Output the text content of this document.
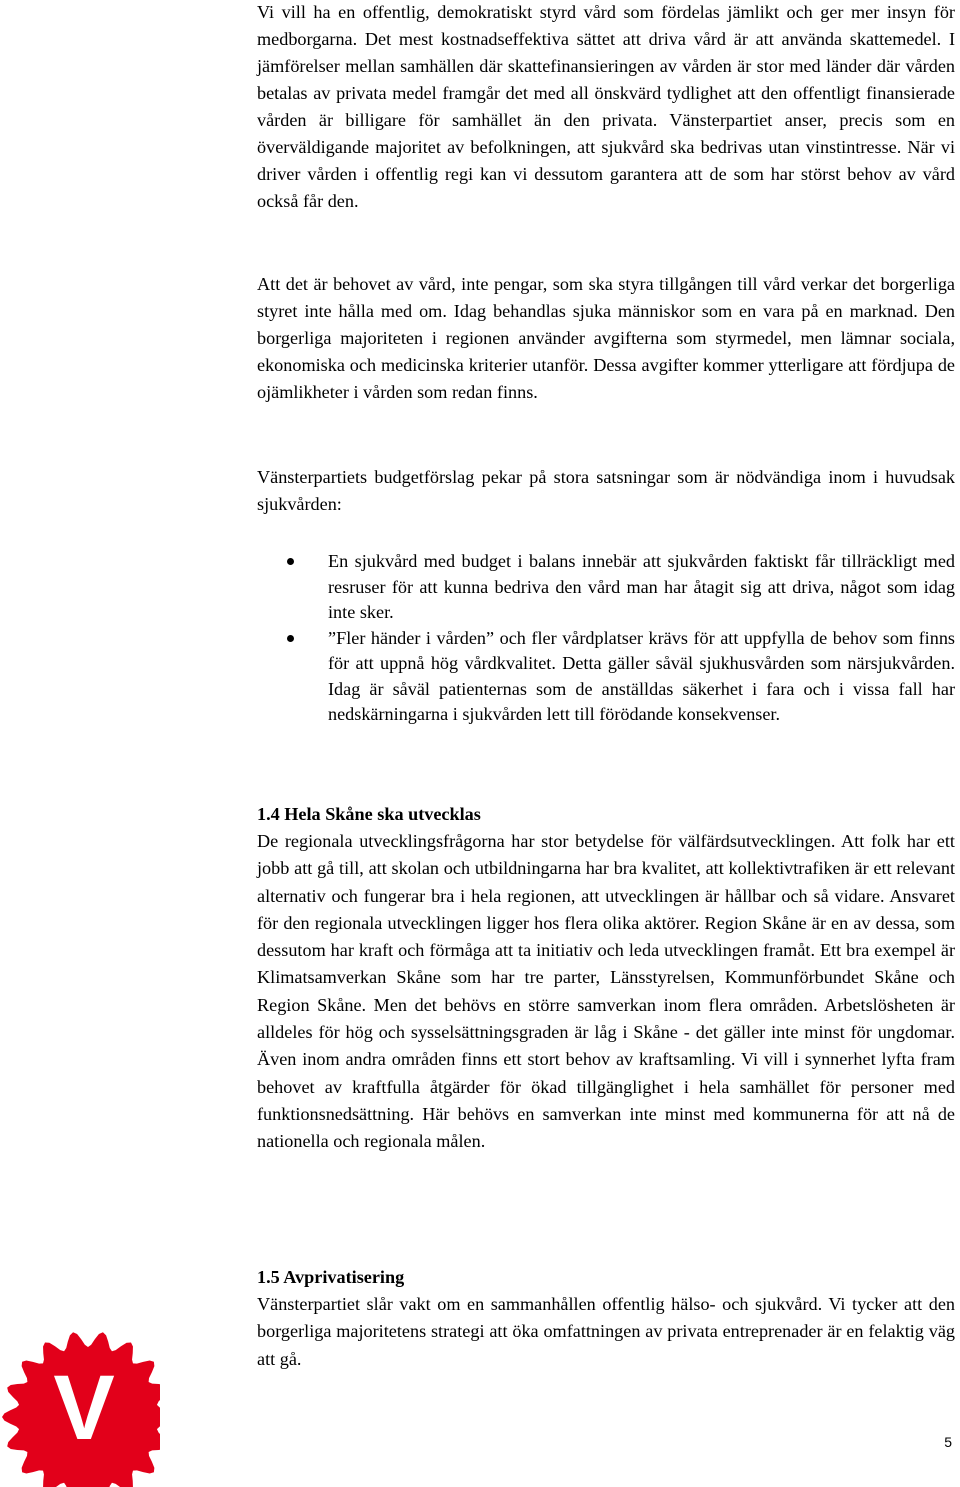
Vi vill ha en offentlig, demokratiskt styrd vård som fördelas jämlikt och ger mer insyn för medborgarna. Det mest kostnadseffektiva sättet att driva vård är att använda skattemedel. I jämförelser mellan samhällen där skattefinansieringen av vården är stor med länder där vården betalas av privata medel framgår det med all önskvärd tydlighet att den offentligt finansierade vården är billigare för samhället än den privata. Vänsterpartiet anser, precis som en överväldigande majoritet av befolkningen, att sjukvård ska bedrivas utan vinstintresse. När vi driver vården i offentlig regi kan vi dessutom garantera att de som har störst behov av vård också får den.

Att det är behovet av vård, inte pengar, som ska styra tillgången till vård verkar det borgerliga styret inte hålla med om. Idag behandlas sjuka människor som en vara på en marknad. Den borgerliga majoriteten i regionen använder avgifterna som styrmedel, men lämnar sociala, ekonomiska och medicinska kriterier utanför. Dessa avgifter kommer ytterligare att fördjupa de ojämlikheter i vården som redan finns.

Vänsterpartiets budgetförslag pekar på stora satsningar som är nödvändiga inom i huvudsak sjukvården:

En sjukvård med budget i balans innebär att sjukvården faktiskt får tillräckligt med resruser för att kunna bedriva den vård man har åtagit sig att driva, något som idag inte sker.
”Fler händer i vården” och fler vårdplatser krävs för att uppfylla de behov som finns för att uppnå hög vårdkvalitet. Detta gäller såväl sjukhusvården som närsjukvården. Idag är såväl patienternas som de anställdas säkerhet i fara och i vissa fall har nedskärningarna i sjukvården lett till förödande konsekvenser.
1.4 Hela Skåne ska utvecklas

De regionala utvecklingsfrågorna har stor betydelse för välfärdsutvecklingen. Att folk har ett jobb att gå till, att skolan och utbildningarna har bra kvalitet, att kollektivtrafiken är ett relevant alternativ och fungerar bra i hela regionen, att utvecklingen är hållbar och så vidare. Ansvaret för den regionala utvecklingen ligger hos flera olika aktörer. Region Skåne är en av dessa, som dessutom har kraft och förmåga att ta initiativ och leda utvecklingen framåt. Ett bra exempel är Klimatsamverkan Skåne som har tre parter, Länsstyrelsen, Kommunförbundet Skåne och Region Skåne. Men det behövs en större samverkan inom flera områden. Arbetslösheten är alldeles för hög och sysselsättningsgraden är låg i Skåne - det gäller inte minst för ungdomar. Även inom andra områden finns ett stort behov av kraftsamling. Vi vill i synnerhet lyfta fram behovet av kraftfulla åtgärder för ökad tillgänglighet i hela samhället för personer med funktionsnedsättning. Här behövs en samverkan inte minst med kommunerna för att nå de nationella och regionala målen.

1.5 Avprivatisering

Vänsterpartiet slår vakt om en sammanhållen offentlig hälso- och sjukvård. Vi tycker att den borgerliga majoritetens strategi att öka omfattningen av privata entreprenader är en felaktig väg att gå.

V	5
